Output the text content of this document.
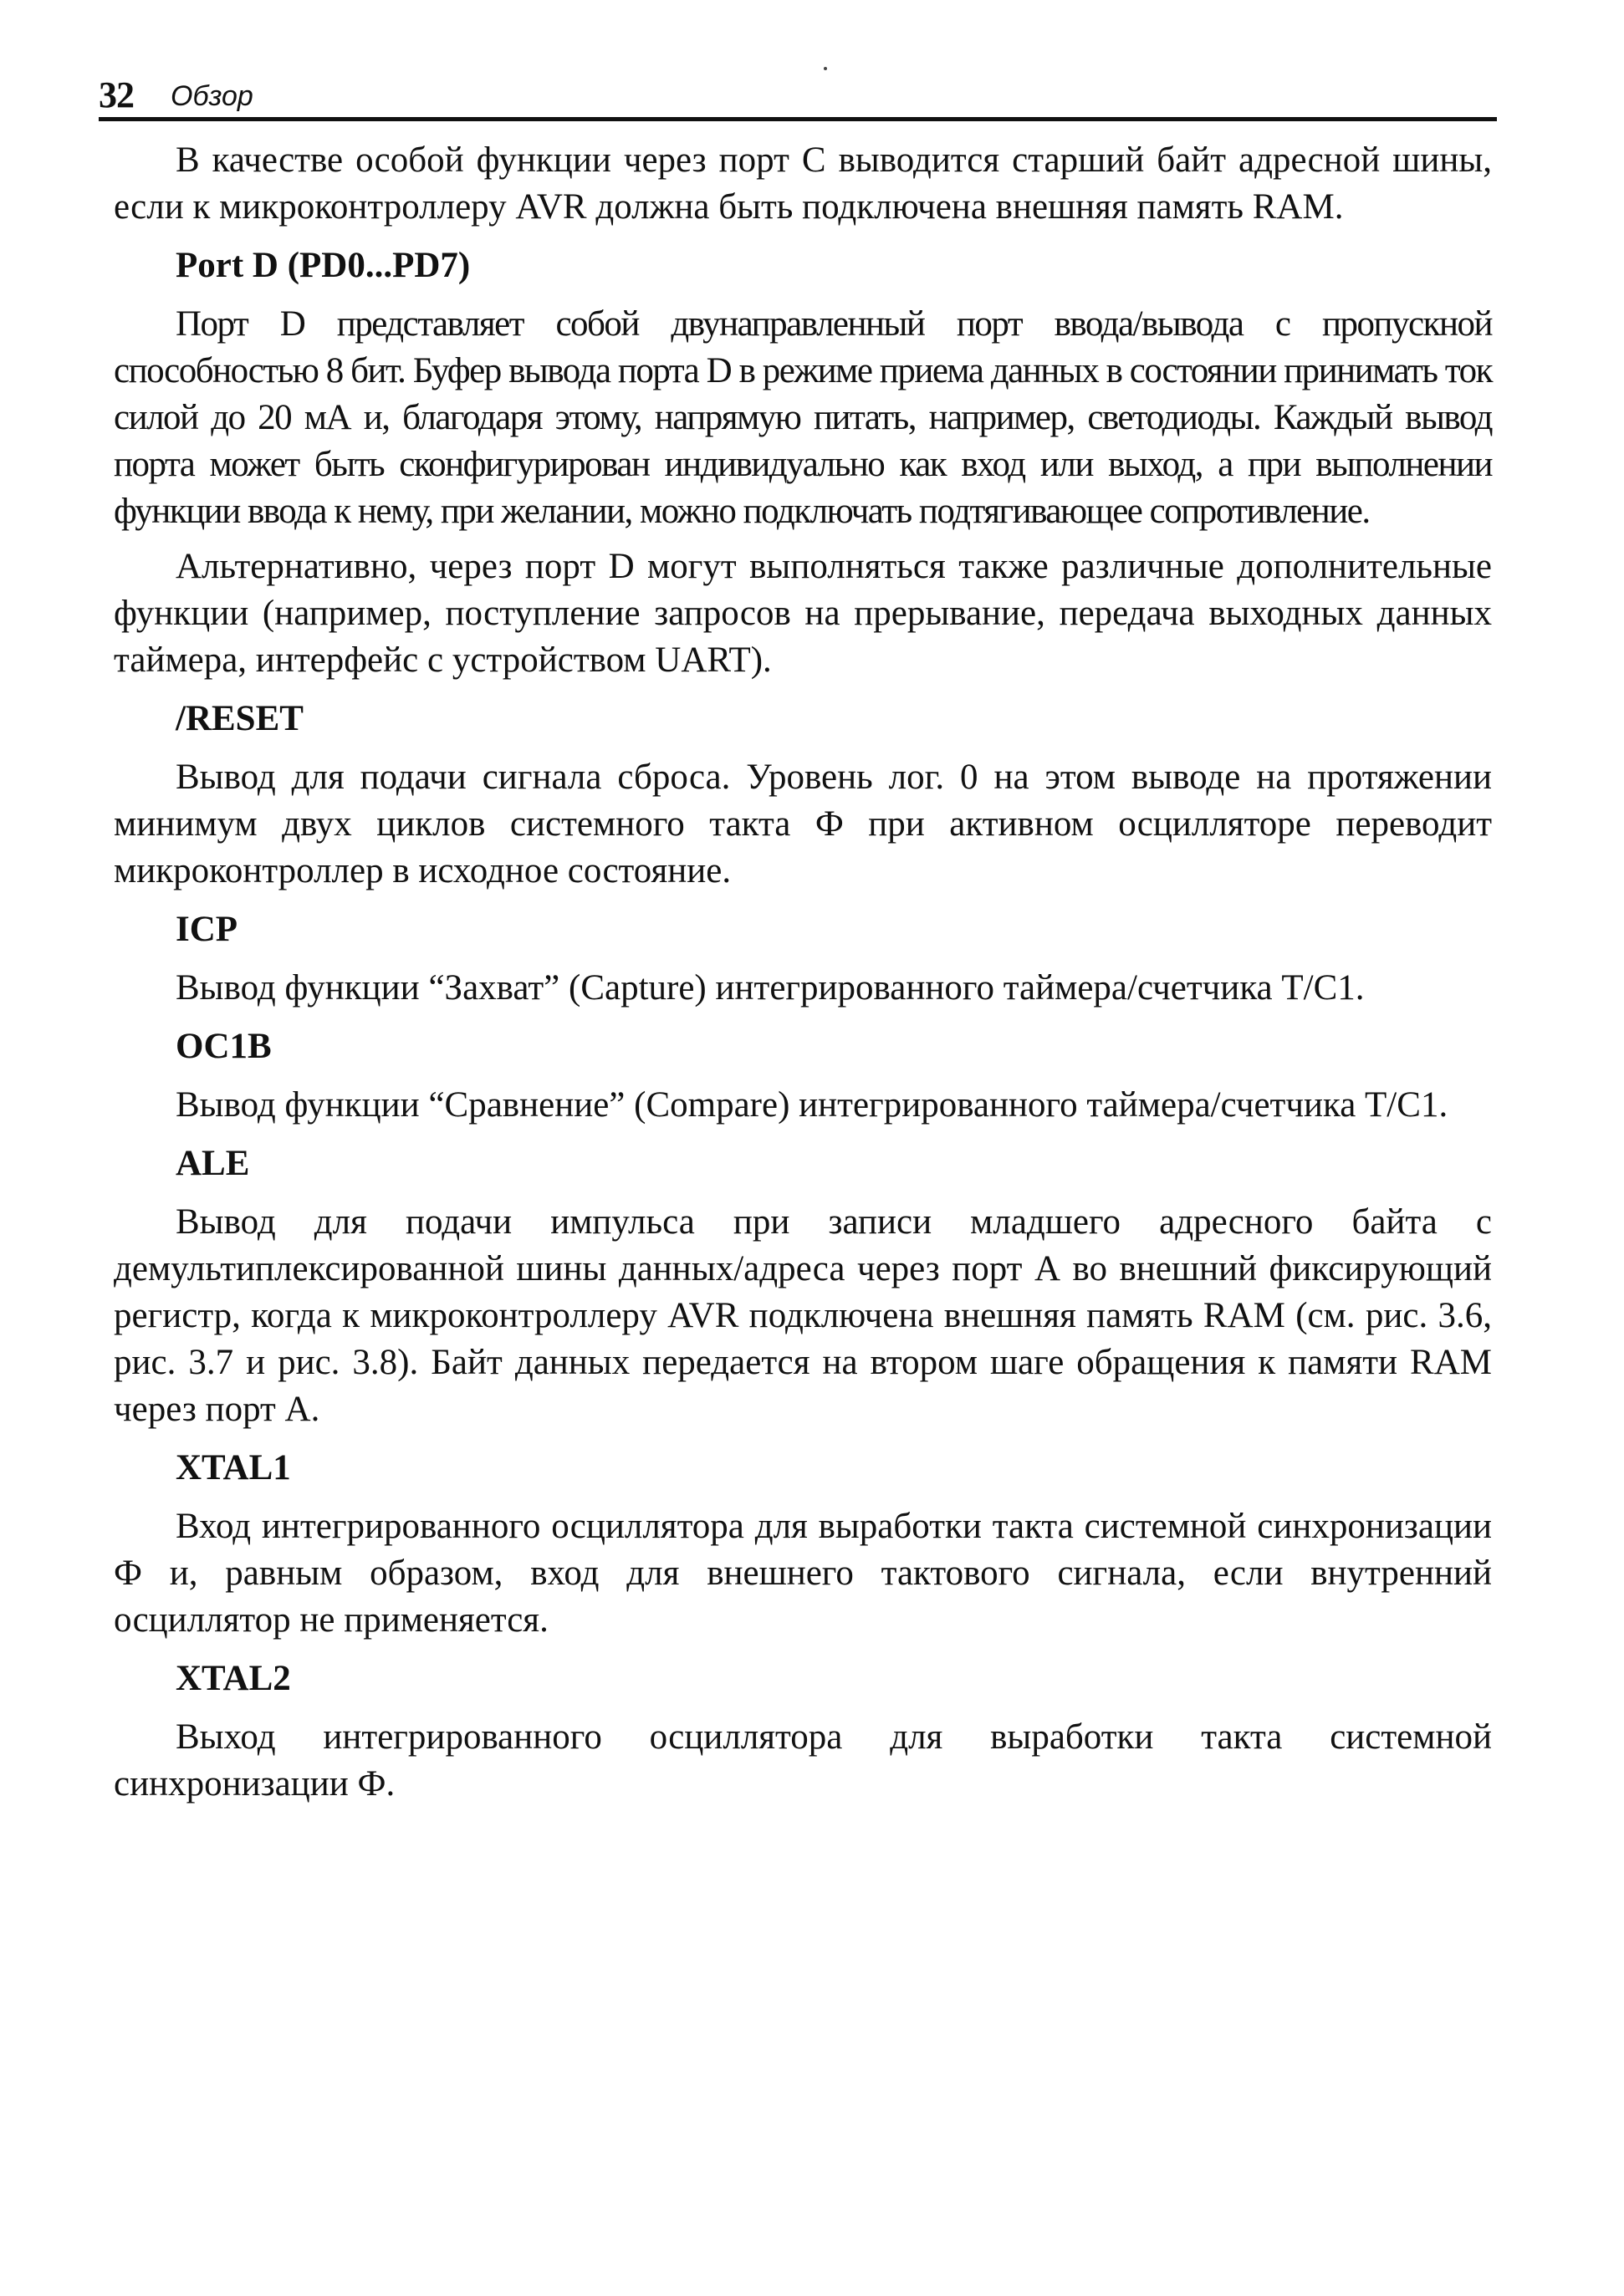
32 Обзор

В качестве особой функции через порт С выводится старший байт адресной шины, если к микроконтроллеру AVR должна быть подключена внешняя память RAM.

Port D (PD0...PD7)

Порт D представляет собой двунаправленный порт ввода/вывода с пропускной способностью 8 бит. Буфер вывода порта D в режиме приема данных в состоянии принимать ток силой до 20 мА и, благодаря этому, напрямую питать, например, светодиоды. Каждый вывод порта может быть сконфигурирован индивидуально как вход или выход, а при выполнении функции ввода к нему, при желании, можно подключать подтягивающее сопротивление.

Альтернативно, через порт D могут выполняться также различные дополнительные функции (например, поступление запросов на прерывание, передача выходных данных таймера, интерфейс с устройством UART).

/RESET

Вывод для подачи сигнала сброса. Уровень лог. 0 на этом выводе на протяжении минимум двух циклов системного такта Ф при активном осцилляторе переводит микроконтроллер в исходное состояние.

ICP

Вывод функции “Захват” (Capture) интегрированного таймера/счетчика T/C1.

OC1B

Вывод функции “Сравнение” (Compare) интегрированного таймера/счетчика T/C1.

ALE

Вывод для подачи импульса при записи младшего адресного байта с демультиплексированной шины данных/адреса через порт А во внешний фиксирующий регистр, когда к микроконтроллеру AVR подключена внешняя память RAM (см. рис. 3.6, рис. 3.7 и рис. 3.8). Байт данных передается на втором шаге обращения к памяти RAM через порт А.

XTAL1

Вход интегрированного осциллятора для выработки такта системной синхронизации Ф и, равным образом, вход для внешнего тактового сигнала, если внутренний осциллятор не применяется.

XTAL2

Выход интегрированного осциллятора для выработки такта системной синхронизации Ф.
